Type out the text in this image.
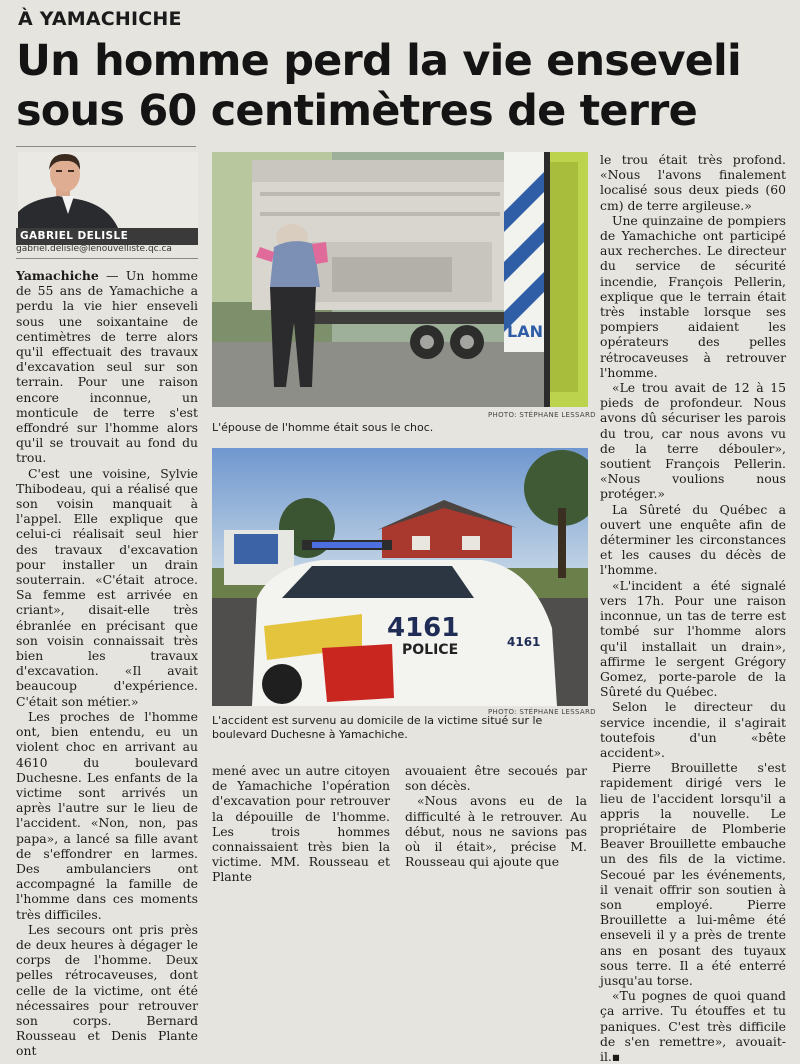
À YAMACHICHE
Un homme perd la vie enseveli sous 60 centimètres de terre
GABRIEL DELISLE
gabriel.delisle@lenouvelliste.qc.ca

Yamachiche — Un homme de 55 ans de Yamachiche a perdu la vie hier enseveli sous une soixantaine de centimètres de terre alors qu'il effectuait des travaux d'excavation seul sur son terrain. Pour une raison encore inconnue, un monticule de terre s'est effondré sur l'homme alors qu'il se trouvait au fond du trou.

C'est une voisine, Sylvie Thibodeau, qui a réalisé que son voisin manquait à l'appel. Elle explique que celui-ci réalisait seul hier des travaux d'excavation pour installer un drain souterrain. «C'était atroce. Sa femme est arrivée en criant», disait-elle très ébranlée en précisant que son voisin connaissait très bien les travaux d'excavation. «Il avait beaucoup d'expérience. C'était son métier.»

Les proches de l'homme ont, bien entendu, eu un violent choc en arrivant au 4610 du boulevard Duchesne. Les enfants de la victime sont arrivés un après l'autre sur le lieu de l'accident. «Non, non, pas papa», a lancé sa fille avant de s'effondrer en larmes. Des ambulanciers ont accompagné la famille de l'homme dans ces moments très difficiles.

Les secours ont pris près de deux heures à dégager le corps de l'homme. Deux pelles rétrocaveuses, dont celle de la victime, ont été nécessaires pour retrouver son corps. Bernard Rousseau et Denis Plante ont

LAN
PHOTO: STÉPHANE LESSARD
L'épouse de l'homme était sous le choc.
4161	4161
POLICE
PHOTO: STÉPHANE LESSARD
L'accident est survenu au domicile de la victime situé sur le boulevard Duchesne à Yamachiche.

mené avec un autre citoyen de Yamachiche l'opération d'excavation pour retrouver la dépouille de l'homme. Les trois hommes connaissaient très bien la victime. MM. Rousseau et Plante

avouaient être secoués par son décès.

«Nous avons eu de la difficulté à le retrouver. Au début, nous ne savions pas où il était», précise M. Rousseau qui ajoute que

le trou était très profond. «Nous l'avons finalement localisé sous deux pieds (60 cm) de terre argileuse.»

Une quinzaine de pompiers de Yamachiche ont participé aux recherches. Le directeur du service de sécurité incendie, François Pellerin, explique que le terrain était très instable lorsque ses pompiers aidaient les opérateurs des pelles rétrocaveuses à retrouver l'homme.

«Le trou avait de 12 à 15 pieds de profondeur. Nous avons dû sécuriser les parois du trou, car nous avons vu de la terre débouler», soutient François Pellerin. «Nous voulions nous protéger.»

La Sûreté du Québec a ouvert une enquête afin de déterminer les circonstances et les causes du décès de l'homme.

«L'incident a été signalé vers 17h. Pour une raison inconnue, un tas de terre est tombé sur l'homme alors qu'il installait un drain», affirme le sergent Grégory Gomez, porte-parole de la Sûreté du Québec.

Selon le directeur du service incendie, il s'agirait toutefois d'un «bête accident».

Pierre Brouillette s'est rapidement dirigé vers le lieu de l'accident lorsqu'il a appris la nouvelle. Le propriétaire de Plomberie Beaver Brouillette embauche un des fils de la victime. Secoué par les événements, il venait offrir son soutien à son employé. Pierre Brouillette a lui-même été enseveli il y a près de trente ans en posant des tuyaux sous terre. Il a été enterré jusqu'au torse.

«Tu pognes de quoi quand ça arrive. Tu étouffes et tu paniques. C'est très difficile de s'en remettre», avouait-il.▪
